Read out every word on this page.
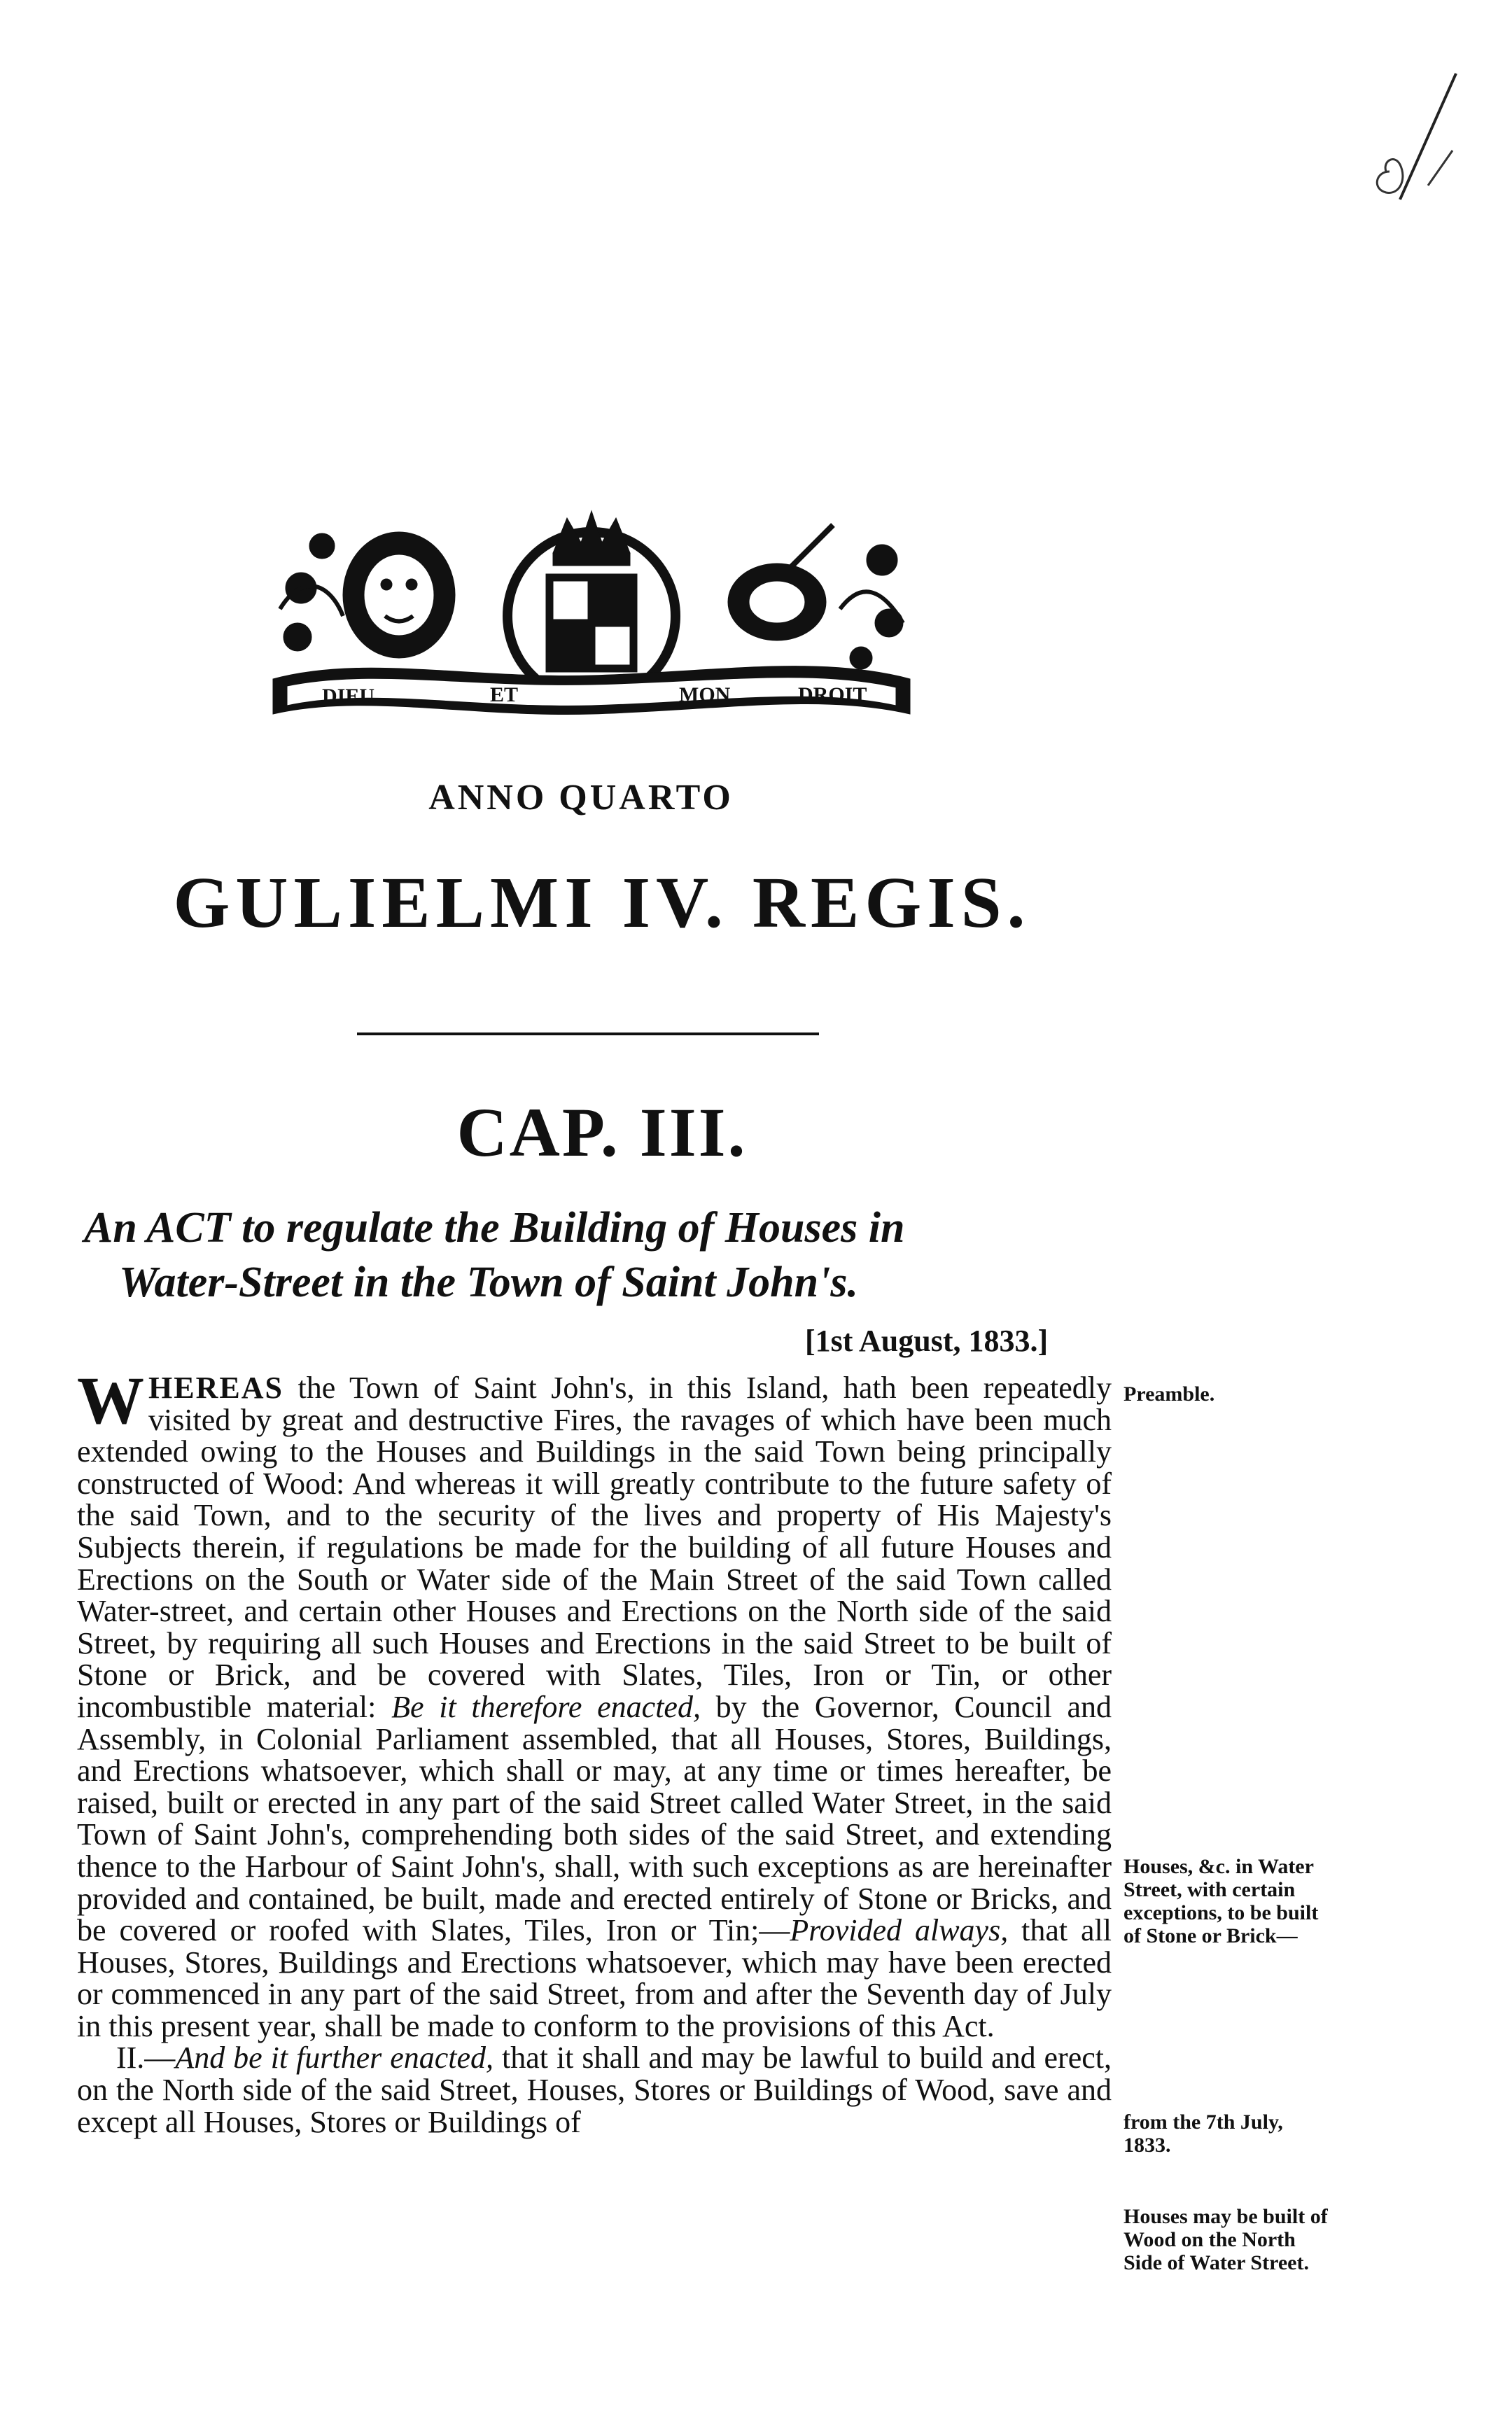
DIEU	ET	MON	DROIT
ANNO QUARTO
GULIELMI IV. REGIS.
CAP. III.
An ACT to regulate the Building of Houses in
Water-Street in the Town of Saint John's.
[1st August, 1833.]

WHEREAS the Town of Saint John's, in this Island, hath been repeatedly visited by great and destructive Fires, the ravages of which have been much extended owing to the Houses and Buildings in the said Town being principally constructed of Wood: And whereas it will greatly contribute to the future safety of the said Town, and to the security of the lives and property of His Majesty's Subjects therein, if regulations be made for the building of all future Houses and Erections on the South or Water side of the Main Street of the said Town called Water-street, and certain other Houses and Erections on the North side of the said Street, by requiring all such Houses and Erections in the said Street to be built of Stone or Brick, and be covered with Slates, Tiles, Iron or Tin, or other incombustible material: Be it therefore enacted, by the Governor, Council and Assembly, in Colonial Parliament assembled, that all Houses, Stores, Buildings, and Erections whatsoever, which shall or may, at any time or times hereafter, be raised, built or erected in any part of the said Street called Water Street, in the said Town of Saint John's, comprehending both sides of the said Street, and extending thence to the Harbour of Saint John's, shall, with such exceptions as are hereinafter provided and contained, be built, made and erected entirely of Stone or Bricks, and be covered or roofed with Slates, Tiles, Iron or Tin;—Provided always, that all Houses, Stores, Buildings and Erections whatsoever, which may have been erected or commenced in any part of the said Street, from and after the Seventh day of July in this present year, shall be made to conform to the provisions of this Act.

II.—And be it further enacted, that it shall and may be lawful to build and erect, on the North side of the said Street, Houses, Stores or Buildings of Wood, save and except all Houses, Stores or Buildings of

Preamble.
Houses, &c. in Water Street, with certain exceptions, to be built of Stone or Brick—
from the 7th July, 1833.
Houses may be built of Wood on the North Side of Water Street.
